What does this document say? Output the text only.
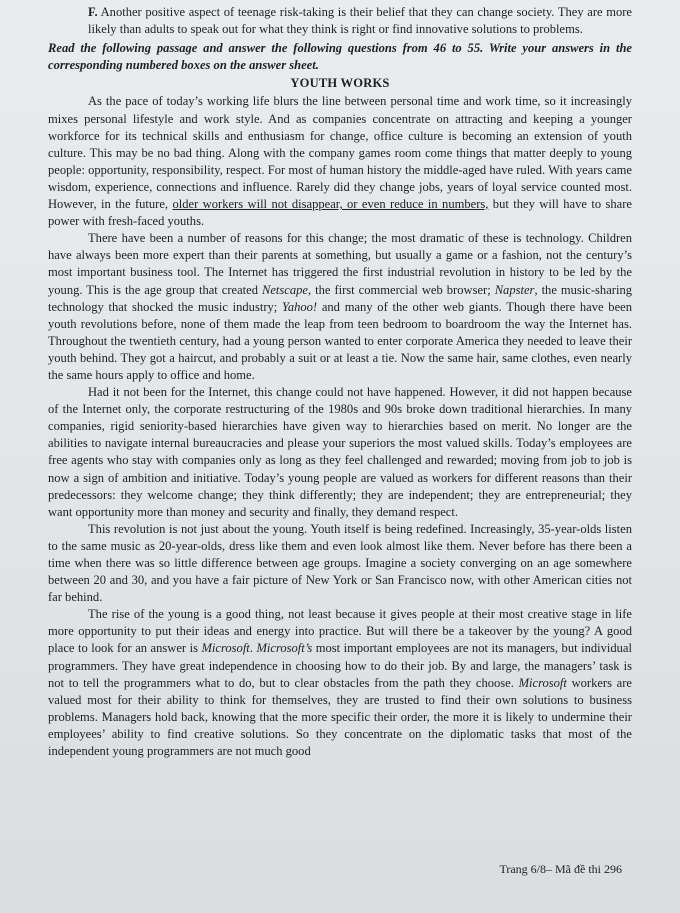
F. Another positive aspect of teenage risk-taking is their belief that they can change society. They are more likely than adults to speak out for what they think is right or find innovative solutions to problems.

Read the following passage and answer the following questions from 46 to 55. Write your answers in the corresponding numbered boxes on the answer sheet.

YOUTH WORKS

As the pace of today’s working life blurs the line between personal time and work time, so it increasingly mixes personal lifestyle and work style. And as companies concentrate on attracting and keeping a younger workforce for its technical skills and enthusiasm for change, office culture is becoming an extension of youth culture. This may be no bad thing. Along with the company games room come things that matter deeply to young people: opportunity, responsibility, respect. For most of human history the middle-aged have ruled. With years came wisdom, experience, connections and influence. Rarely did they change jobs, years of loyal service counted most. However, in the future, older workers will not disappear, or even reduce in numbers, but they will have to share power with fresh-faced youths.

There have been a number of reasons for this change; the most dramatic of these is technology. Children have always been more expert than their parents at something, but usually a game or a fashion, not the century’s most important business tool. The Internet has triggered the first industrial revolution in history to be led by the young. This is the age group that created Netscape, the first commercial web browser; Napster, the music-sharing technology that shocked the music industry; Yahoo! and many of the other web giants. Though there have been youth revolutions before, none of them made the leap from teen bedroom to boardroom the way the Internet has. Throughout the twentieth century, had a young person wanted to enter corporate America they needed to leave their youth behind. They got a haircut, and probably a suit or at least a tie. Now the same hair, same clothes, even nearly the same hours apply to office and home.

Had it not been for the Internet, this change could not have happened. However, it did not happen because of the Internet only, the corporate restructuring of the 1980s and 90s broke down traditional hierarchies. In many companies, rigid seniority-based hierarchies have given way to hierarchies based on merit. No longer are the abilities to navigate internal bureaucracies and please your superiors the most valued skills. Today’s employees are free agents who stay with companies only as long as they feel challenged and rewarded; moving from job to job is now a sign of ambition and initiative. Today’s young people are valued as workers for different reasons than their predecessors: they welcome change; they think differently; they are independent; they are entrepreneurial; they want opportunity more than money and security and finally, they demand respect.

This revolution is not just about the young. Youth itself is being redefined. Increasingly, 35-year-olds listen to the same music as 20-year-olds, dress like them and even look almost like them. Never before has there been a time when there was so little difference between age groups. Imagine a society converging on an age somewhere between 20 and 30, and you have a fair picture of New York or San Francisco now, with other American cities not far behind.

The rise of the young is a good thing, not least because it gives people at their most creative stage in life more opportunity to put their ideas and energy into practice. But will there be a takeover by the young? A good place to look for an answer is Microsoft. Microsoft’s most important employees are not its managers, but individual programmers. They have great independence in choosing how to do their job. By and large, the managers’ task is not to tell the programmers what to do, but to clear obstacles from the path they choose. Microsoft workers are valued most for their ability to think for themselves, they are trusted to find their own solutions to business problems. Managers hold back, knowing that the more specific their order, the more it is likely to undermine their employees’ ability to find creative solutions. So they concentrate on the diplomatic tasks that most of the independent young programmers are not much good

Trang 6/8– Mã đề thi 296
